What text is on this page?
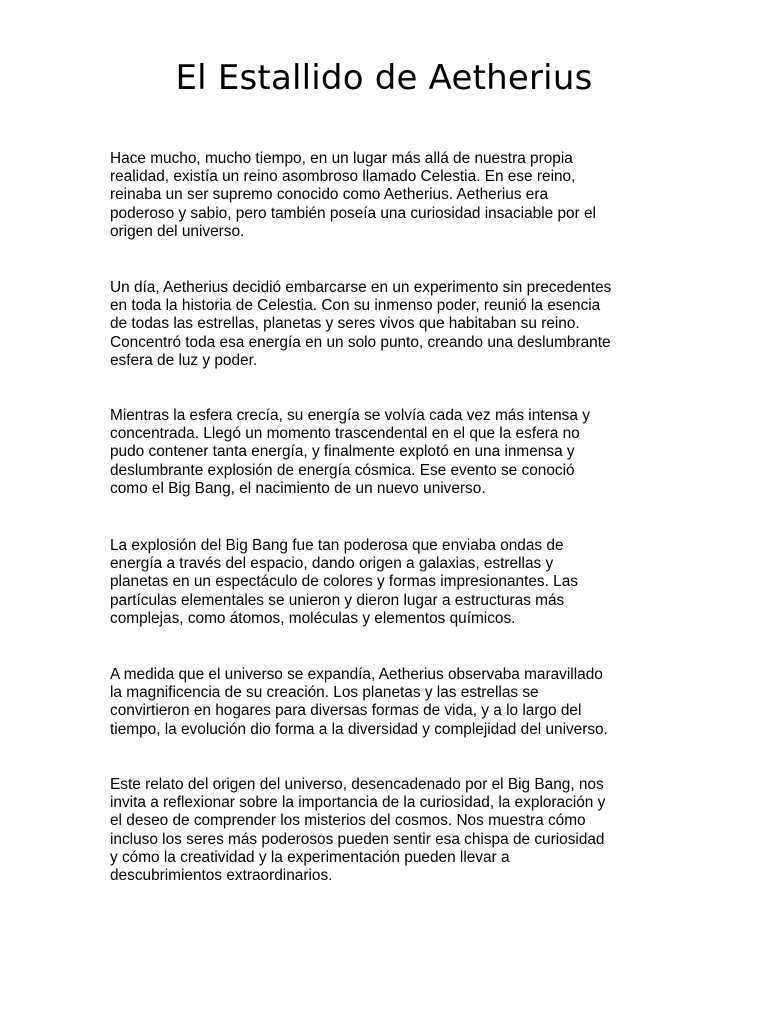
El Estallido de Aetherius

Hace mucho, mucho tiempo, en un lugar más allá de nuestra propia
realidad, existía un reino asombroso llamado Celestia. En ese reino,
reinaba un ser supremo conocido como Aetherius. Aetherius era
poderoso y sabio, pero también poseía una curiosidad insaciable por el
origen del universo.

Un día, Aetherius decidió embarcarse en un experimento sin precedentes
en toda la historia de Celestia. Con su inmenso poder, reunió la esencia
de todas las estrellas, planetas y seres vivos que habitaban su reino.
Concentró toda esa energía en un solo punto, creando una deslumbrante
esfera de luz y poder.

Mientras la esfera crecía, su energía se volvía cada vez más intensa y
concentrada. Llegó un momento trascendental en el que la esfera no
pudo contener tanta energía, y finalmente explotó en una inmensa y
deslumbrante explosión de energía cósmica. Ese evento se conoció
como el Big Bang, el nacimiento de un nuevo universo.

La explosión del Big Bang fue tan poderosa que enviaba ondas de
energía a través del espacio, dando origen a galaxias, estrellas y
planetas en un espectáculo de colores y formas impresionantes. Las
partículas elementales se unieron y dieron lugar a estructuras más
complejas, como átomos, moléculas y elementos químicos.

A medida que el universo se expandía, Aetherius observaba maravillado
la magnificencia de su creación. Los planetas y las estrellas se
convirtieron en hogares para diversas formas de vida, y a lo largo del
tiempo, la evolución dio forma a la diversidad y complejidad del universo.

Este relato del origen del universo, desencadenado por el Big Bang, nos
invita a reflexionar sobre la importancia de la curiosidad, la exploración y
el deseo de comprender los misterios del cosmos. Nos muestra cómo
incluso los seres más poderosos pueden sentir esa chispa de curiosidad
y cómo la creatividad y la experimentación pueden llevar a
descubrimientos extraordinarios.
